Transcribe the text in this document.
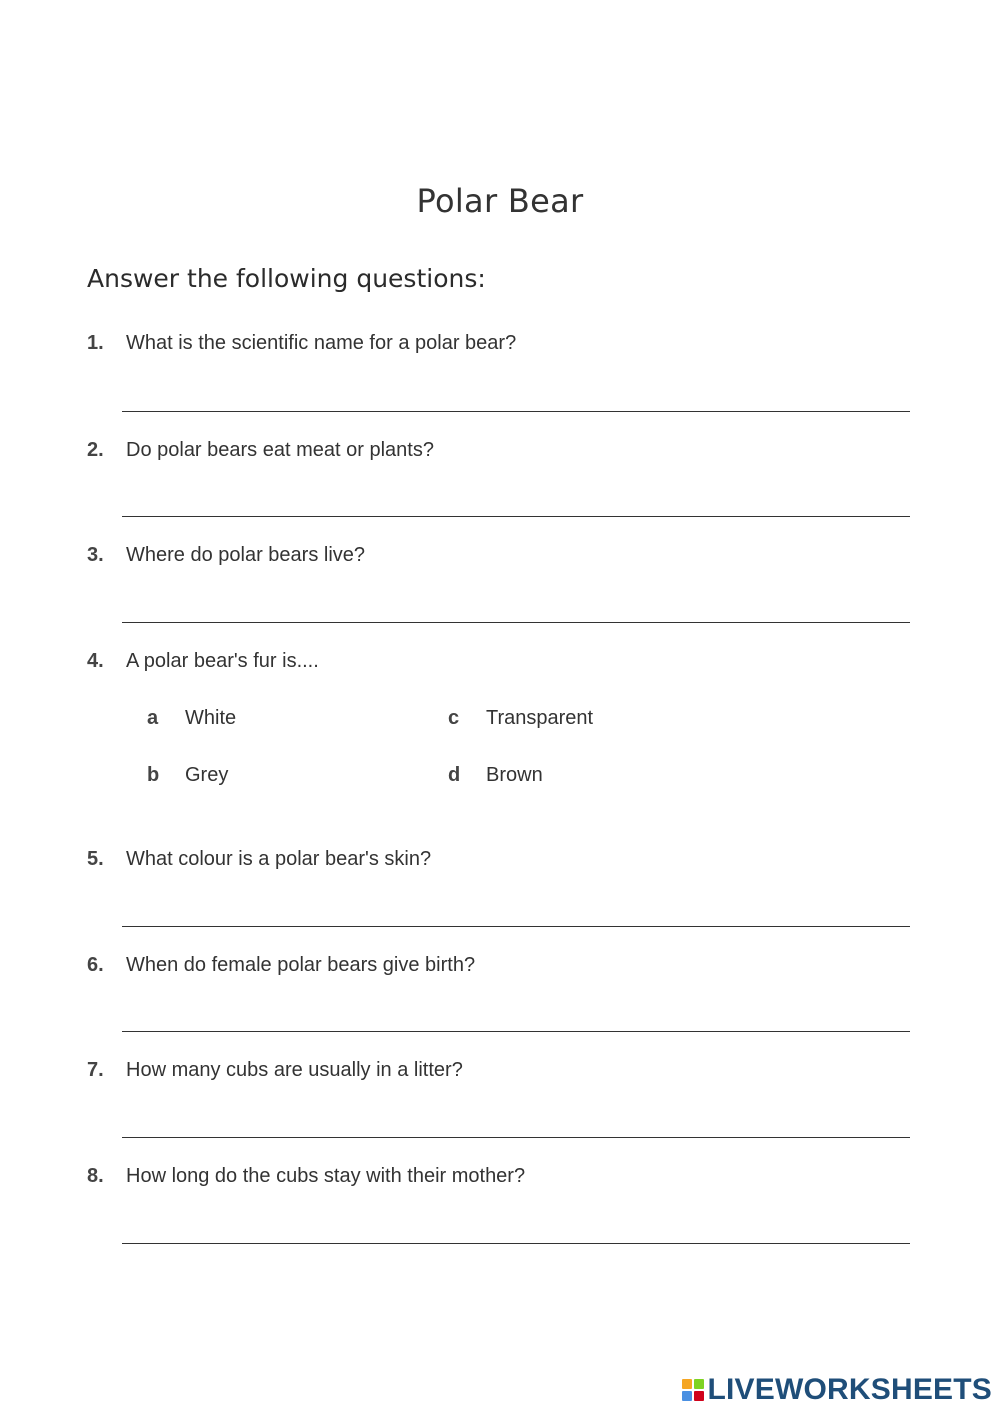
Polar Bear
Answer the following questions:
1. What is the scientific name for a polar bear?
2. Do polar bears eat meat or plants?
3. Where do polar bears live?
4. A polar bear's fur is....
a White
b Grey
c Transparent
d Brown
5. What colour is a polar bear's skin?
6. When do female polar bears give birth?
7. How many cubs are usually in a litter?
8. How long do the cubs stay with their mother?
LIVEWORKSHEETS
